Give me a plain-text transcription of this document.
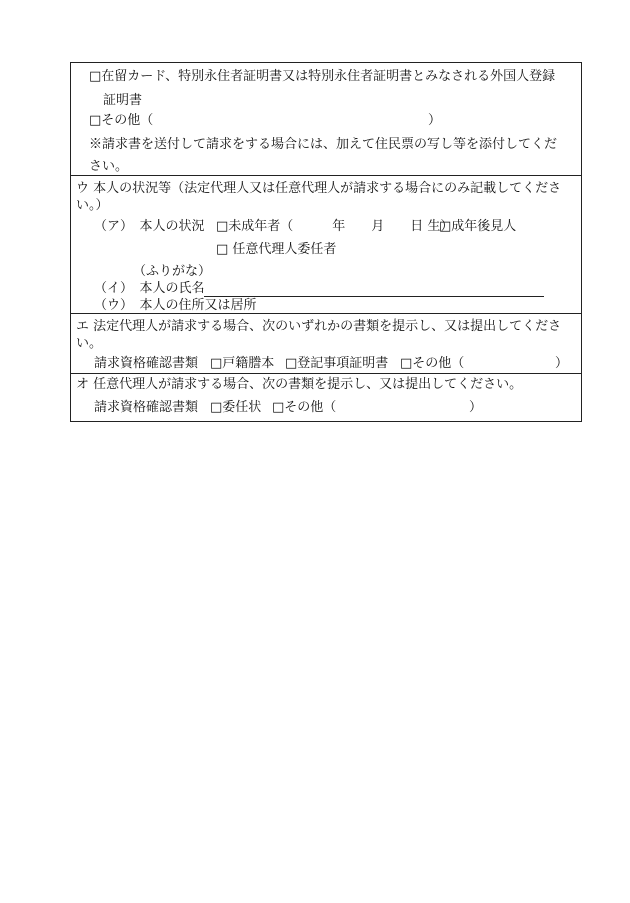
□在留カード、特別永住者証明書又は特別永住者証明書とみなされる外国人登録
証明書
□その他（	）
※請求書を送付して請求をする場合には、加えて住民票の写し等を添付してくだ
さい。
ウ 本人の状況等（法定代理人又は任意代理人が請求する場合にのみ記載してくださ
い。）
（ア）　本人の状況 □未成年者（　　　年　　月　　日 生）
□成年後見人
□ 任意代理人委任者
（ふりがな）
（イ）　本人の氏名
（ウ）　本人の住所又は居所
エ 法定代理人が請求する場合、次のいずれかの書類を提示し、又は提出してくださ
い。
請求資格確認書類 □戸籍謄本 □登記事項証明書 □その他（	）
オ 任意代理人が請求する場合、次の書類を提示し、又は提出してください。
請求資格確認書類 □委任状 □その他（	）
